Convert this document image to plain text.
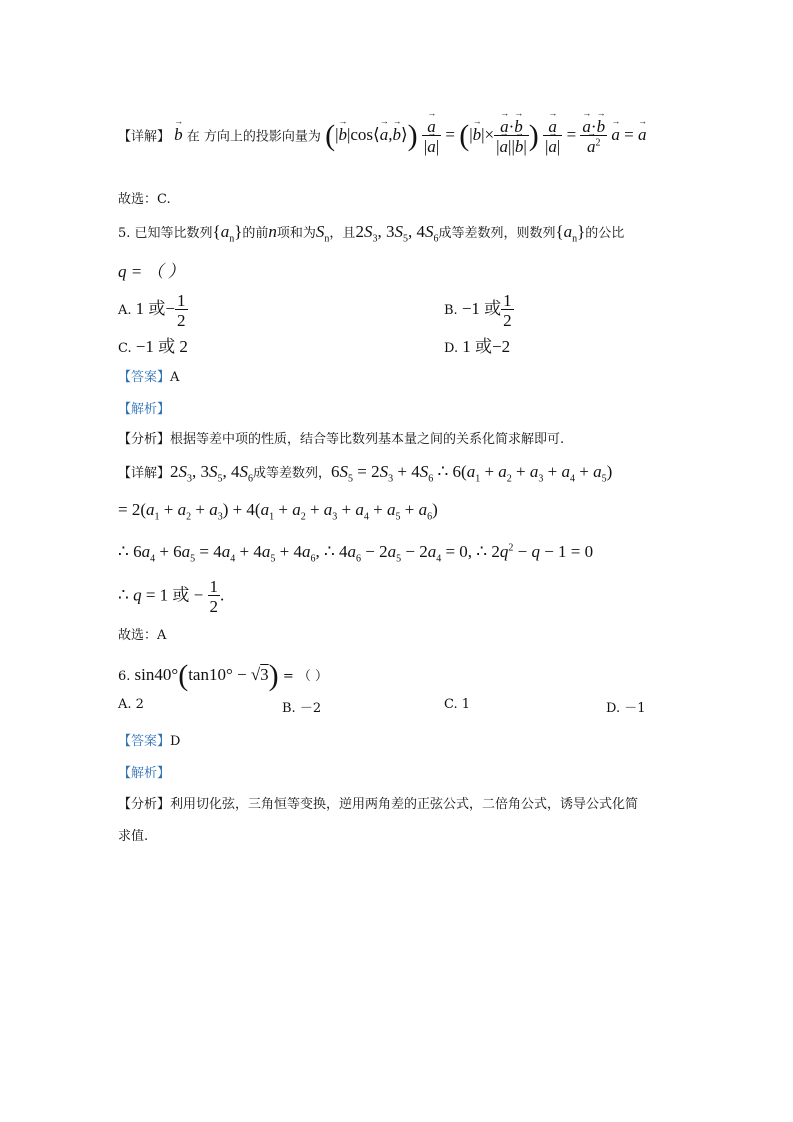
【详解】 → b 在 方向上的投影向量为 (|→ b|cos⟨→ a,→ b⟩) → $\frac{a}{|\to a|}$ = (|→ $b|\times \to \frac{a\cdot\to b}{|\to a||\to b|}$ ) → $\frac{a}{|\to a|}$ = → a·→ b
→ $a^2 \to a$ = → a
故选：C.
5. 已知等比数列$\{a_n\}$的前n项和为$S_n$，且$2S_3$, $3S_5$, $4S_6$成等差数列，则数列$\{a_n\}$的公比
q = （ ）
A. 1 或− $\frac{1}{2}$	B. −1 或 $\frac{1}{2}$
C. −1 或 2	D. 1 或−2
【答案】A
【解析】
【分析】根据等差中项的性质，结合等比数列基本量之间的关系化简求解即可.
【详解】$2S_3$, $3S_5$, $4S_6$成等差数列，$6S_5 = 2S_3 + 4S_6$ ∴ $6(a_1 + a_2 + a_3 + a_4 + a_5)$
= $2(a_1 + a_2 + a_3) + 4(a_1 + a_2 + a_3 + a_4 + a_5 + a_6)$
∴ $6a_4 + 6a_5 = 4a_4 + 4a_5 + 4a_6$, ∴ $4a_6 - 2a_5 - 2a_4 = 0$, ∴ $2q^2 - q - 1 = 0$
∴ q = 1 或 − $\frac{1}{2}$ .
故选：A
6. sin40°(tan10° − √3) = （ ）
A. 2	B. －2	C. 1	D. －1
【答案】D
【解析】
【分析】利用切化弦，三角恒等变换，逆用两角差的正弦公式，二倍角公式，诱导公式化简
求值.
